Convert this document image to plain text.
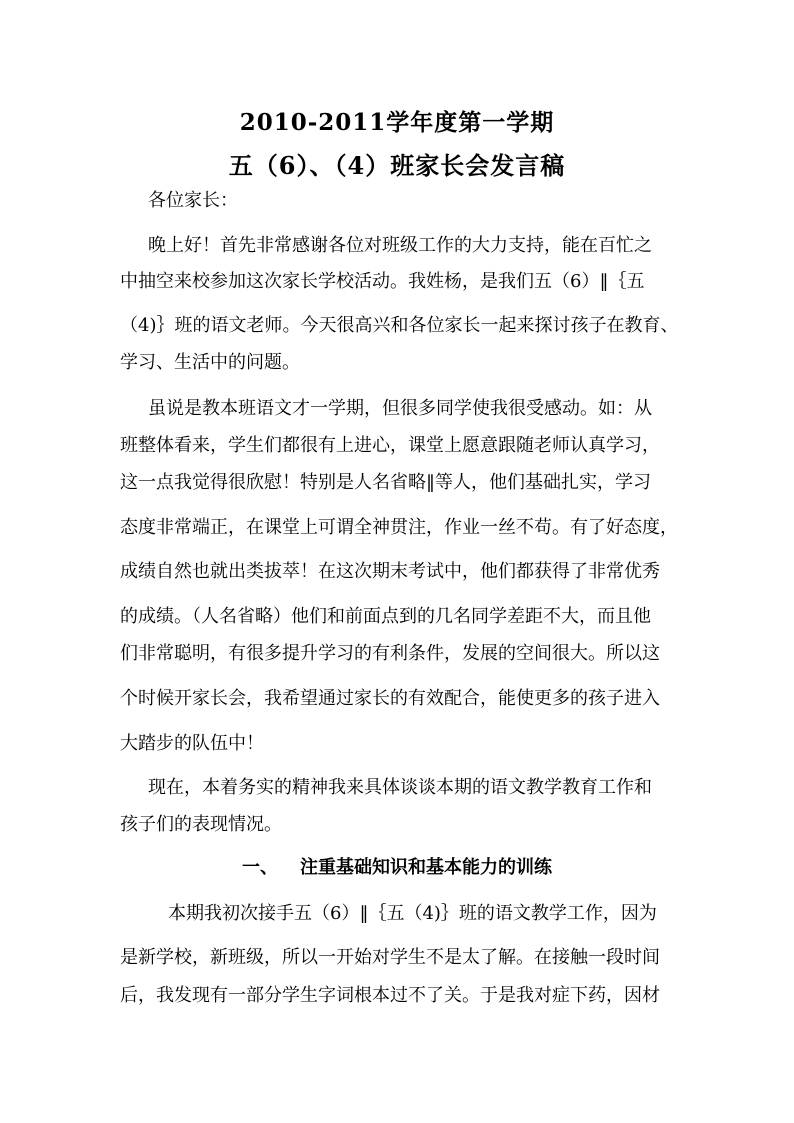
2010-2011学年度第一学期
五（6）、（4）班家长会发言稿
各位家长：
晚上好！首先非常感谢各位对班级工作的大力支持，能在百忙之
中抽空来校参加这次家长学校活动。我姓杨，是我们五（6）‖｛五
（4)｝班的语文老师。今天很高兴和各位家长一起来探讨孩子在教育、
学习、生活中的问题。
虽说是教本班语文才一学期，但很多同学使我很受感动。如：从
班整体看来，学生们都很有上进心，课堂上愿意跟随老师认真学习，
这一点我觉得很欣慰！特别是人名省略‖等人，他们基础扎实，学习
态度非常端正，在课堂上可谓全神贯注，作业一丝不苟。有了好态度，
成绩自然也就出类拔萃！在这次期末考试中，他们都获得了非常优秀
的成绩。（人名省略）他们和前面点到的几名同学差距不大，而且他
们非常聪明，有很多提升学习的有利条件，发展的空间很大。所以这
个时候开家长会，我希望通过家长的有效配合，能使更多的孩子进入
大踏步的队伍中！
现在，本着务实的精神我来具体谈谈本期的语文教学教育工作和
孩子们的表现情况。
一、 注重基础知识和基本能力的训练
本期我初次接手五（6）‖｛五（4)｝班的语文教学工作，因为
是新学校，新班级，所以一开始对学生不是太了解。在接触一段时间
后，我发现有一部分学生字词根本过不了关。于是我对症下药，因材
